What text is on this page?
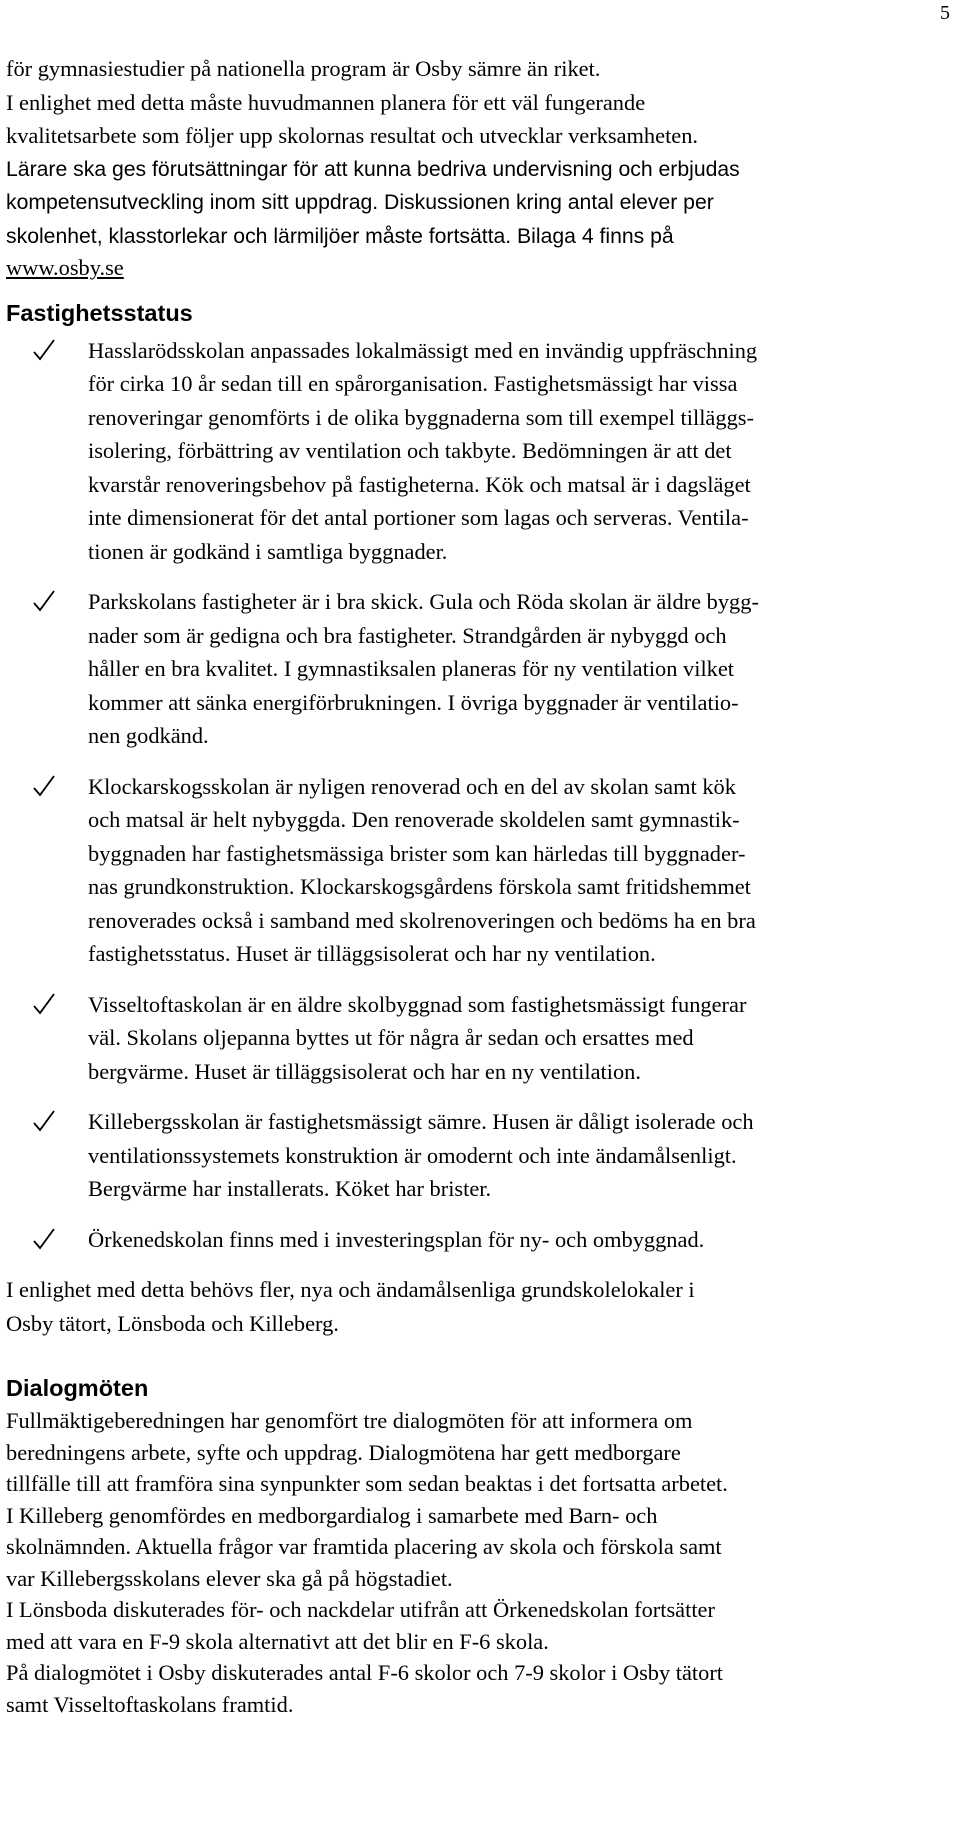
5
för gymnasiestudier på nationella program är Osby sämre än riket.
I enlighet med detta måste huvudmannen planera för ett väl fungerande
kvalitetsarbete som följer upp skolornas resultat och utvecklar verksamheten.
Lärare ska ges förutsättningar för att kunna bedriva undervisning och erbjudas
kompetensutveckling inom sitt uppdrag. Diskussionen kring antal elever per
skolenhet, klasstorlekar och lärmiljöer måste fortsätta. Bilaga 4 finns på
www.osby.se
Fastighetsstatus
Hasslarödsskolan anpassades lokalmässigt med en invändig uppfräschning
för cirka 10 år sedan till en spårorganisation. Fastighetsmässigt har vissa
renoveringar genomförts i de olika byggnaderna som till exempel tilläggs-
isolering, förbättring av ventilation och takbyte. Bedömningen är att det
kvarstår renoveringsbehov på fastigheterna. Kök och matsal är i dagsläget
inte dimensionerat för det antal portioner som lagas och serveras. Ventila-
tionen är godkänd i samtliga byggnader.
Parkskolans fastigheter är i bra skick. Gula och Röda skolan är äldre bygg-
nader som är gedigna och bra fastigheter. Strandgården är nybyggd och
håller en bra kvalitet. I gymnastiksalen planeras för ny ventilation vilket
kommer att sänka energiförbrukningen. I övriga byggnader är ventilatio-
nen godkänd.
Klockarskogsskolan är nyligen renoverad och en del av skolan samt kök
och matsal är helt nybyggda. Den renoverade skoldelen samt gymnastik-
byggnaden har fastighetsmässiga brister som kan härledas till byggnader-
nas grundkonstruktion. Klockarskogsgårdens förskola samt fritidshemmet
renoverades också i samband med skolrenoveringen och bedöms ha en bra
fastighetsstatus. Huset är tilläggsisolerat och har ny ventilation.
Visseltoftaskolan är en äldre skolbyggnad som fastighetsmässigt fungerar
väl. Skolans oljepanna byttes ut för några år sedan och ersattes med
bergvärme. Huset är tilläggsisolerat och har en ny ventilation.
Killebergsskolan är fastighetsmässigt sämre. Husen är dåligt isolerade och
ventilationssystemets konstruktion är omodernt och inte ändamålsenligt.
Bergvärme har installerats. Köket har brister.
Örkenedskolan finns med i investeringsplan för ny- och ombyggnad.
I enlighet med detta behövs fler, nya och ändamålsenliga grundskolelokaler i
Osby tätort, Lönsboda och Killeberg.
Dialogmöten
Fullmäktigeberedningen har genomfört tre dialogmöten för att informera om
beredningens arbete, syfte och uppdrag. Dialogmötena har gett medborgare
tillfälle till att framföra sina synpunkter som sedan beaktas i det fortsatta arbetet.
I Killeberg genomfördes en medborgardialog i samarbete med Barn- och
skolnämnden. Aktuella frågor var framtida placering av skola och förskola samt
var Killebergsskolans elever ska gå på högstadiet.
I Lönsboda diskuterades för- och nackdelar utifrån att Örkenedskolan fortsätter
med att vara en F-9 skola alternativt att det blir en F-6 skola.
På dialogmötet i Osby diskuterades antal F-6 skolor och 7-9 skolor i Osby tätort
samt Visseltoftaskolans framtid.
